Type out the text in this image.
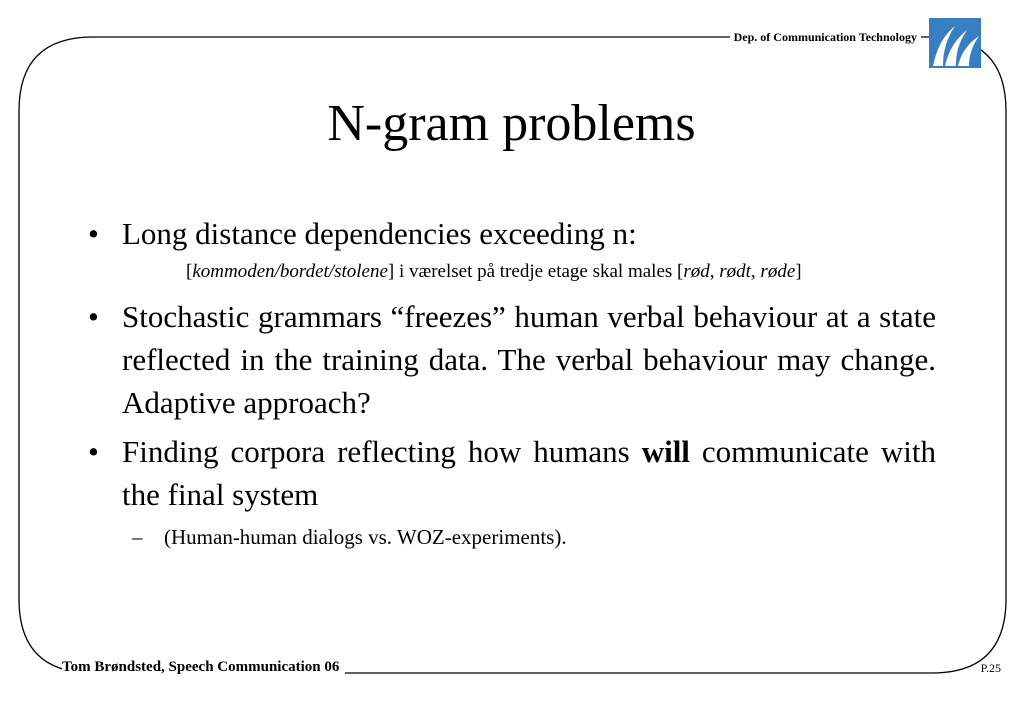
Dep. of Communication Technology
N-gram problems
• Long distance dependencies exceeding n:
[kommoden/bordet/stolene] i værelset på tredje etage skal males [rød, rødt, røde]
• Stochastic grammars “freezes” human verbal behaviour at a state reflected in the training data. The verbal behaviour may change. Adaptive approach?
• Finding corpora reflecting how humans will communicate with the final system
– (Human-human dialogs vs. WOZ-experiments).
Tom Brøndsted, Speech Communication 06	P.25
